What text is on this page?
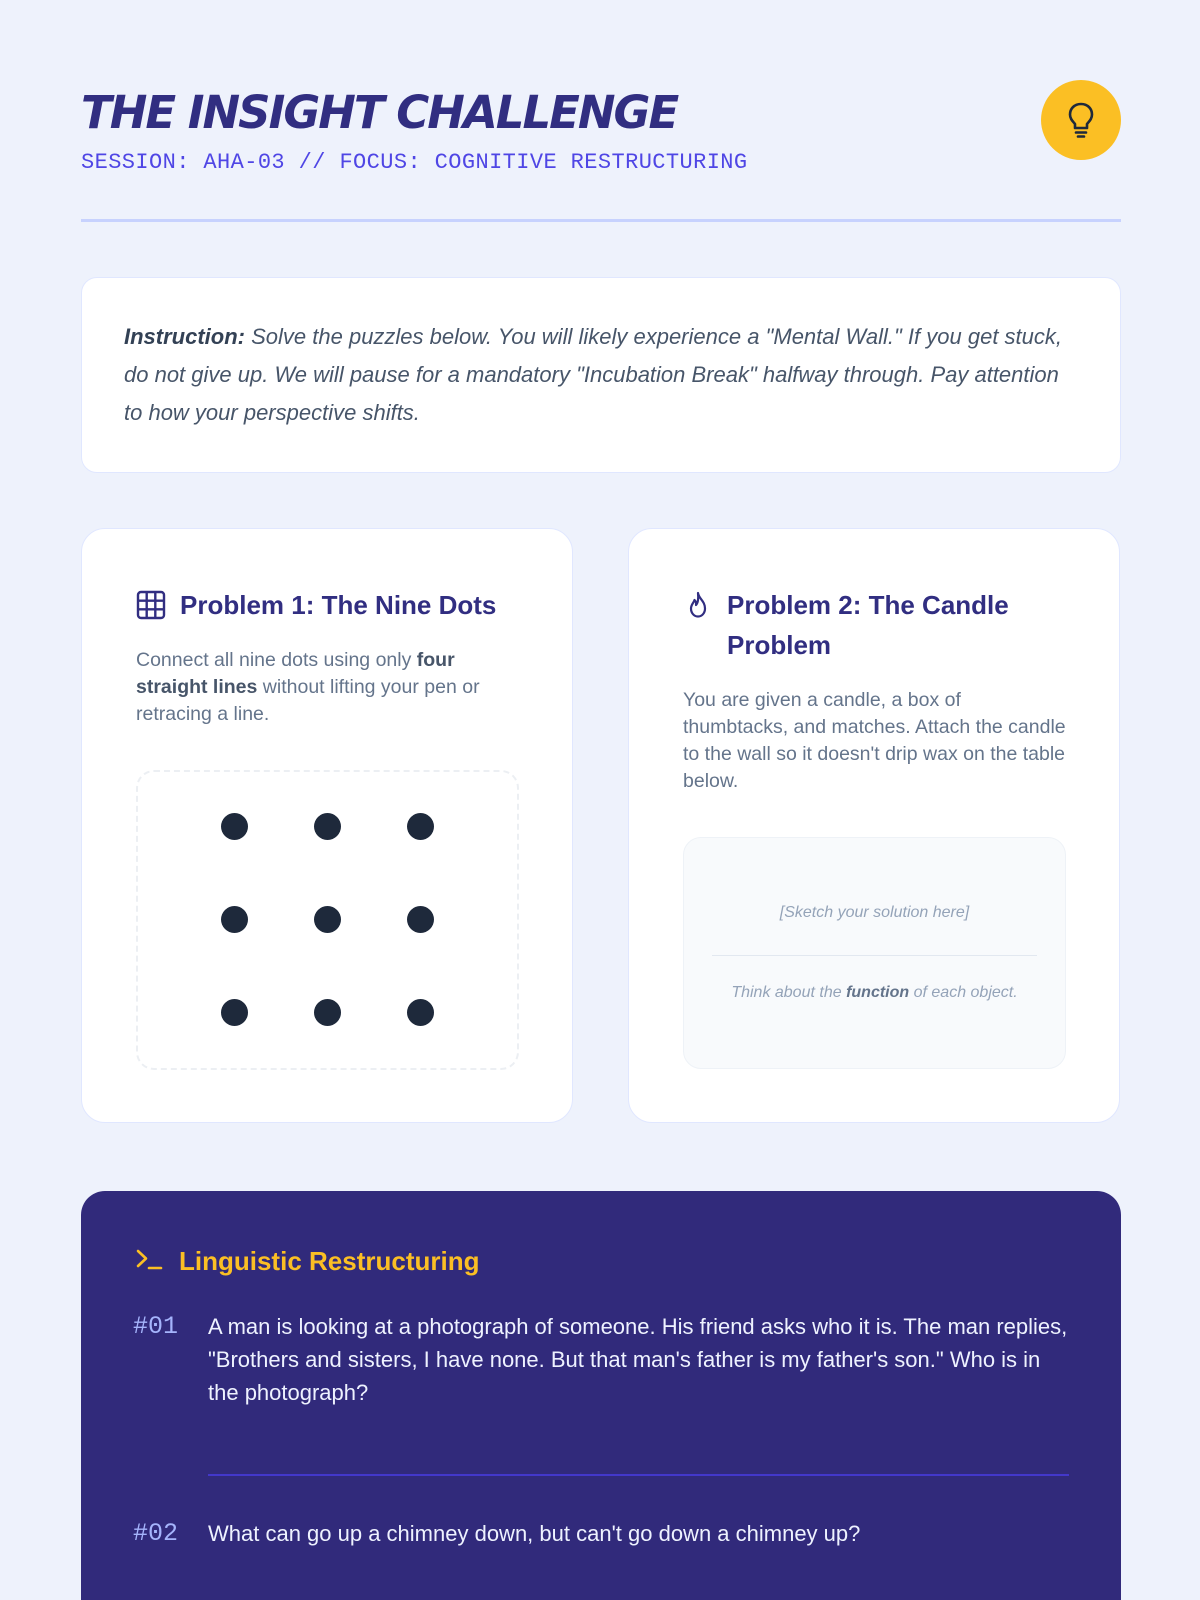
THE INSIGHT CHALLENGE
SESSION: AHA-03 // FOCUS: COGNITIVE RESTRUCTURING
Instruction: Solve the puzzles below. You will likely experience a "Mental Wall." If you get stuck, do not give up. We will pause for a mandatory "Incubation Break" halfway through. Pay attention to how your perspective shifts.
Problem 1: The Nine Dots
Connect all nine dots using only four straight lines without lifting your pen or retracing a line.
Problem 2: The Candle Problem
You are given a candle, a box of thumbtacks, and matches. Attach the candle to the wall so it doesn't drip wax on the table below.
[Sketch your solution here]
Think about the function of each object.
Linguistic Restructuring
#01	A man is looking at a photograph of someone. His friend asks who it is. The man replies, "Brothers and sisters, I have none. But that man's father is my father's son." Who is in the photograph?
#02	What can go up a chimney down, but can't go down a chimney up?
